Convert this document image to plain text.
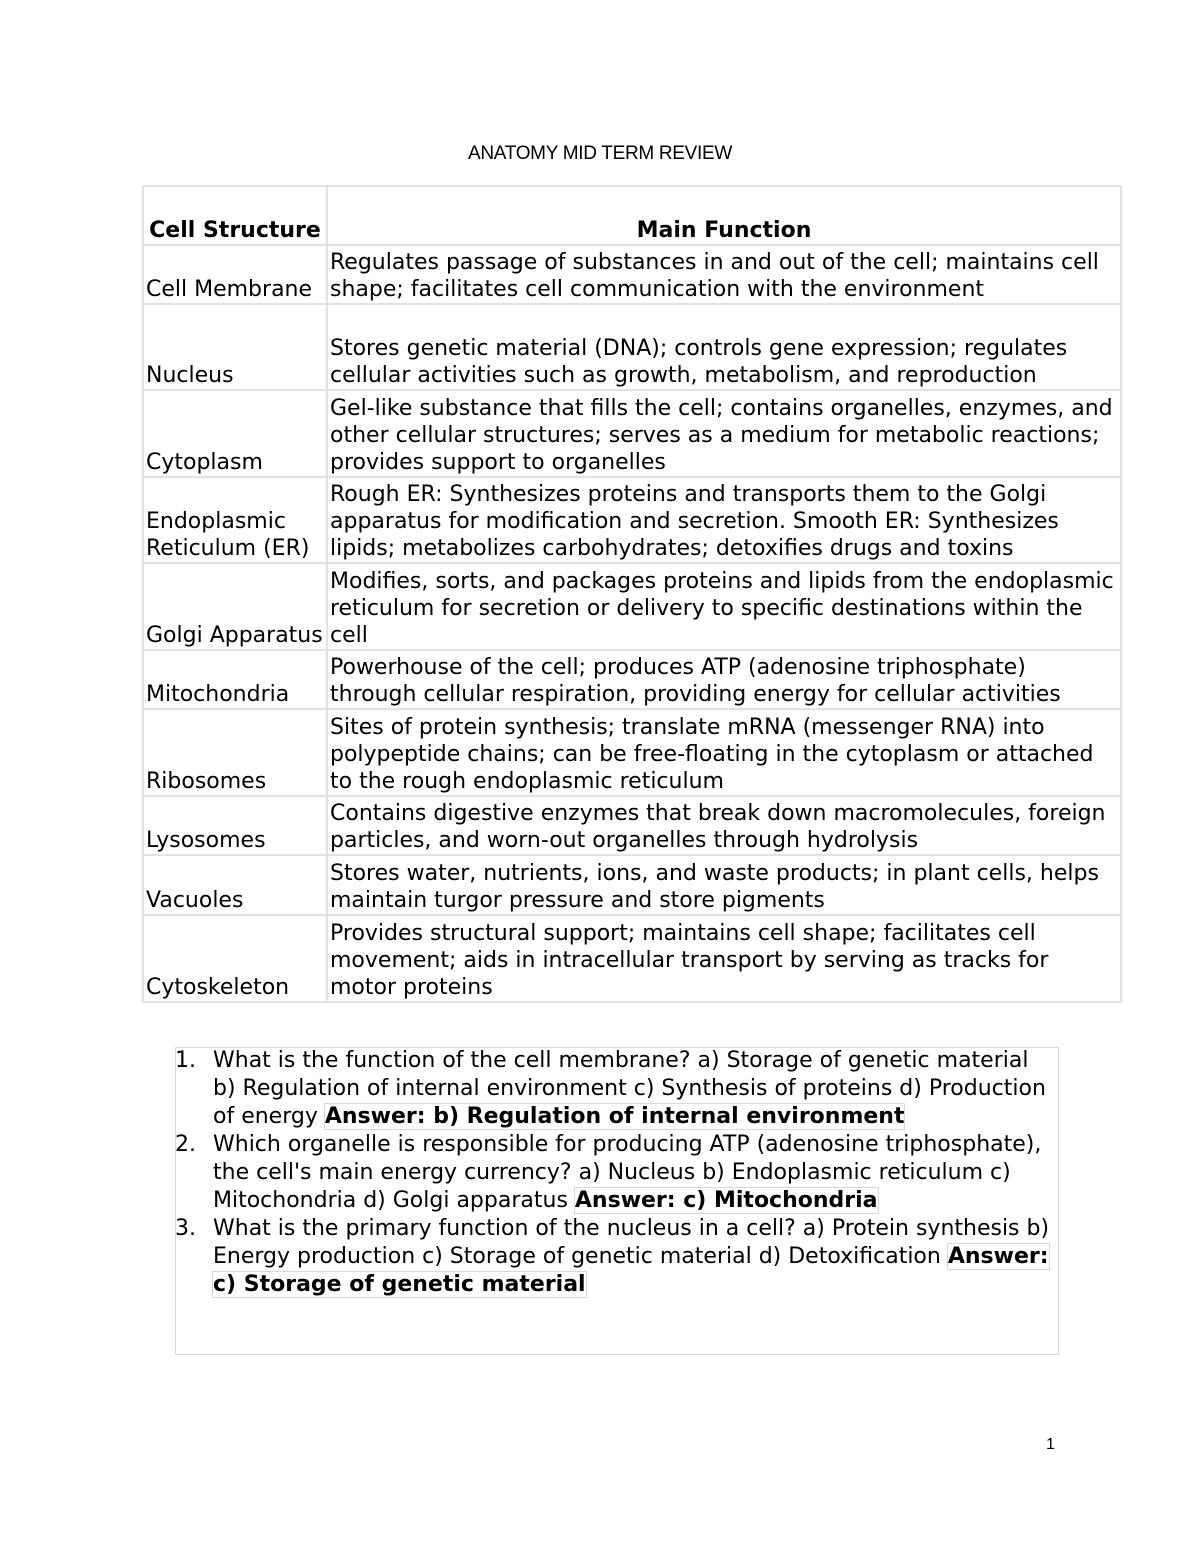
ANATOMY MID TERM REVIEW
Cell Structure	Main Function
Cell Membrane	Regulates passage of substances in and out of the cell; maintains cell shape; facilitates cell communication with the environment
Nucleus	Stores genetic material (DNA); controls gene expression; regulates cellular activities such as growth, metabolism, and reproduction
Cytoplasm	Gel-like substance that fills the cell; contains organelles, enzymes, and other cellular structures; serves as a medium for metabolic reactions; provides support to organelles
Endoplasmic Reticulum (ER)	Rough ER: Synthesizes proteins and transports them to the Golgi apparatus for modification and secretion. Smooth ER: Synthesizes lipids; metabolizes carbohydrates; detoxifies drugs and toxins
Golgi Apparatus	Modifies, sorts, and packages proteins and lipids from the endoplasmic reticulum for secretion or delivery to specific destinations within the cell
Mitochondria	Powerhouse of the cell; produces ATP (adenosine triphosphate) through cellular respiration, providing energy for cellular activities
Ribosomes	Sites of protein synthesis; translate mRNA (messenger RNA) into polypeptide chains; can be free-floating in the cytoplasm or attached to the rough endoplasmic reticulum
Lysosomes	Contains digestive enzymes that break down macromolecules, foreign particles, and worn-out organelles through hydrolysis
Vacuoles	Stores water, nutrients, ions, and waste products; in plant cells, helps maintain turgor pressure and store pigments
Cytoskeleton	Provides structural support; maintains cell shape; facilitates cell movement; aids in intracellular transport by serving as tracks for motor proteins
1. What is the function of the cell membrane? a) Storage of genetic material b) Regulation of internal environment c) Synthesis of proteins d) Production of energy Answer: b) Regulation of internal environment
2. Which organelle is responsible for producing ATP (adenosine triphosphate), the cell's main energy currency? a) Nucleus b) Endoplasmic reticulum c) Mitochondria d) Golgi apparatus Answer: c) Mitochondria
3. What is the primary function of the nucleus in a cell? a) Protein synthesis b) Energy production c) Storage of genetic material d) Detoxification Answer: c) Storage of genetic material
1
